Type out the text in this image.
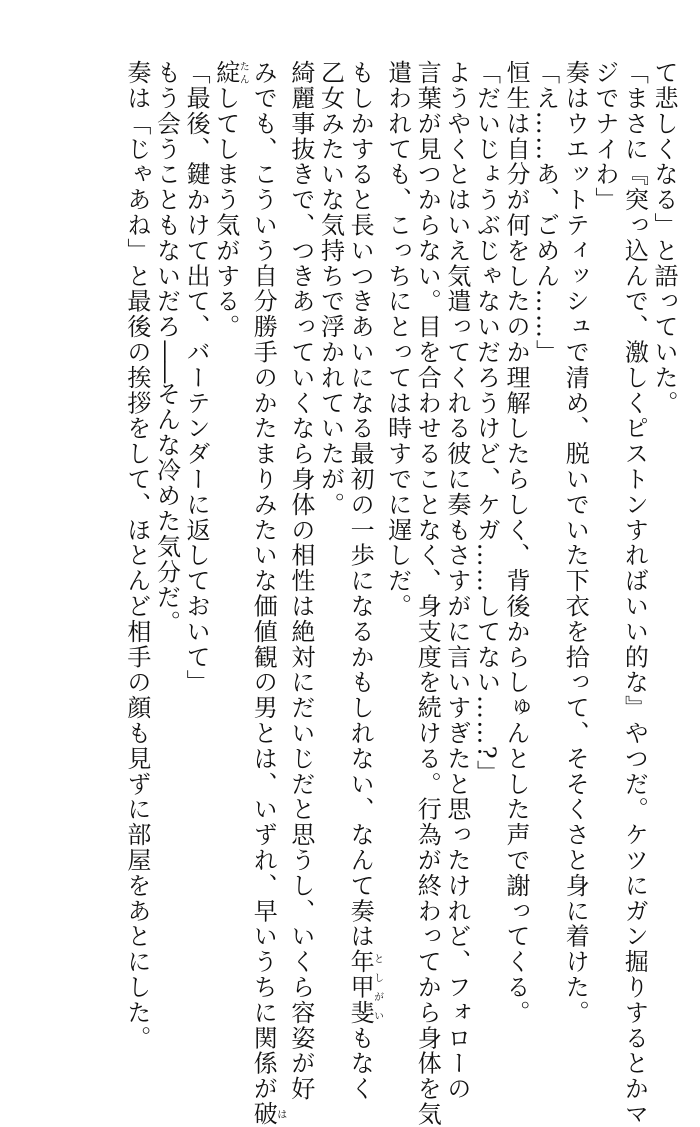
て悲しくなる」と語っていた。
「まさに『突っ込んで、激しくピストンすればいい的な』やつだ。ケツにガン掘りするとかマ
ジでナイわ」
奏はウエットティッシュで清め、脱いでいた下衣を拾って、そそくさと身に着けた。
「え……あ、ごめん……」
恒生は自分が何をしたのか理解したらしく、背後からしゅんとした声で謝ってくる。
「だいじょうぶじゃないだろうけど、ケガ……してない……?」
ようやくとはいえ気遣ってくれる彼に奏もさすがに言いすぎたと思ったけれど、フォローの
言葉が見つからない。目を合わせることなく、身支度を続ける。行為が終わってから身体を気
遣われても、こっちにとっては時すでに遅しだ。
もしかすると長いつきあいになる最初の一歩になるかもしれない、なんて奏は年甲斐としがいもなく
乙女みたいな気持ちで浮かれていたが。
綺麗事抜きで、つきあっていくなら身体の相性は絶対にだいじだと思うし、いくら容姿が好
みでも、こういう自分勝手のかたまりみたいな価値観の男とは、いずれ、早いうちに関係が破は
綻たんしてしまう気がする。
「最後、鍵かけて出て、バーテンダーに返しておいて」
もう会うこともないだろ——そんな冷めた気分だ。
奏は「じゃあね」と最後の挨拶をして、ほとんど相手の顔も見ずに部屋をあとにした。
